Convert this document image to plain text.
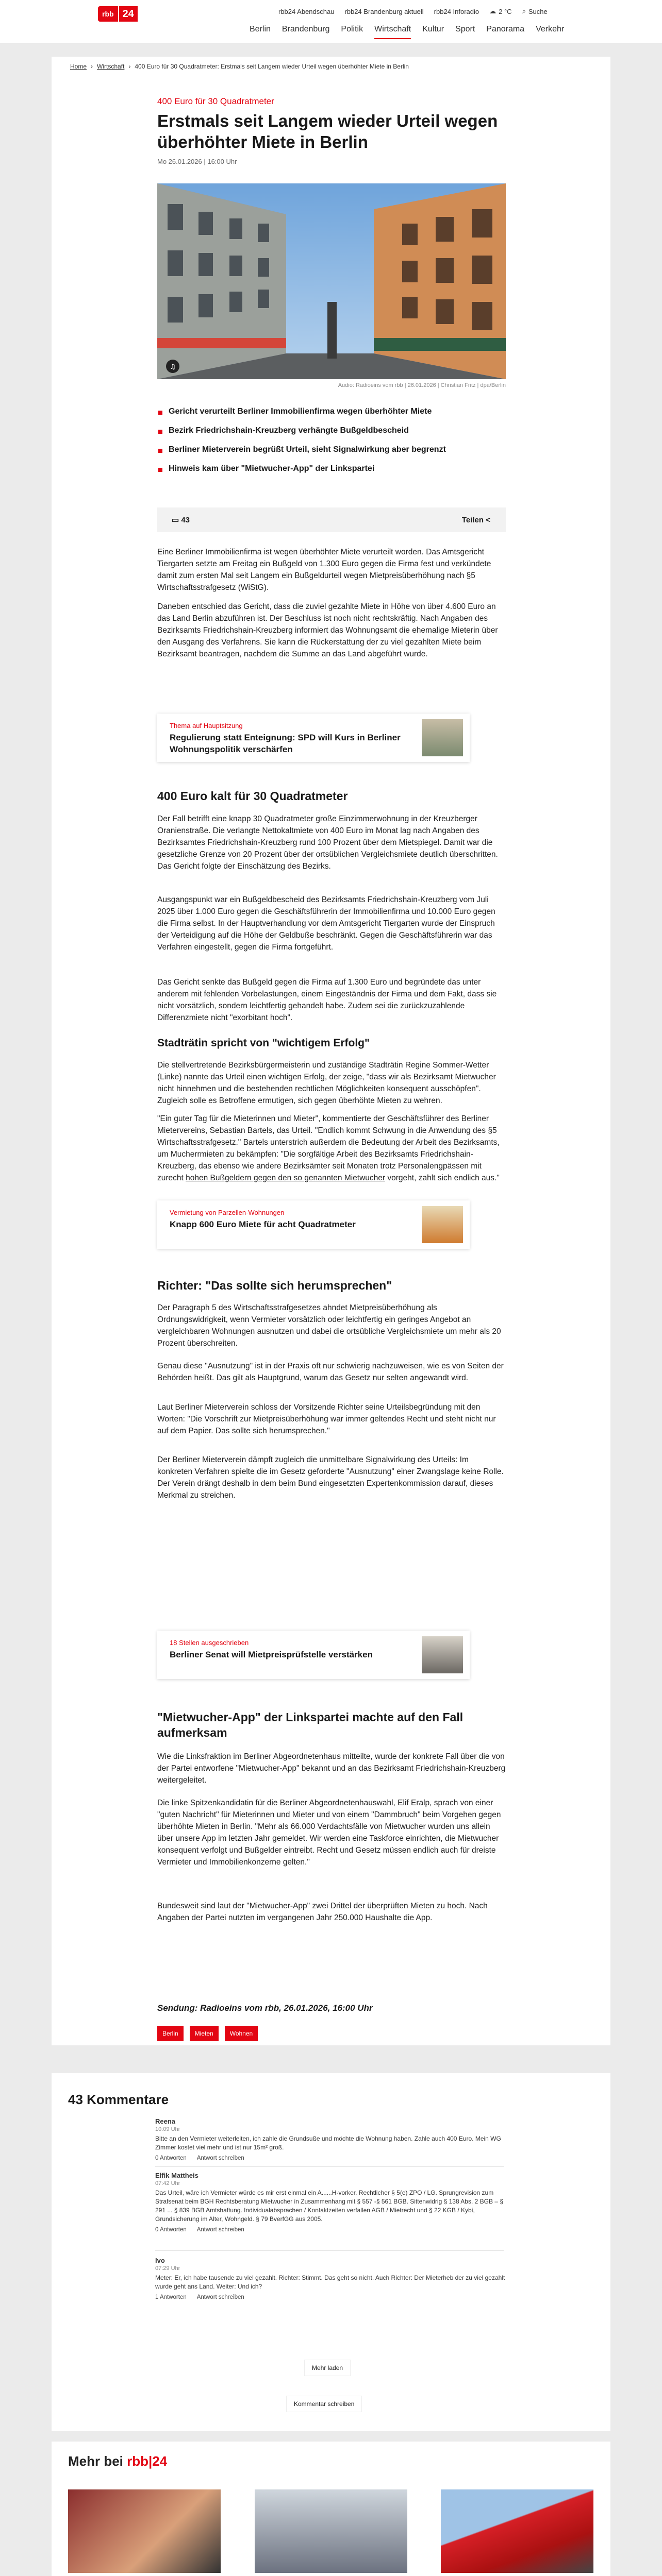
rbb 24	rbb24 Abendschau rbb24 Brandenburg aktuell rbb24 Inforadio ☁ 2 °C ⌕ Suche
Berlin Brandenburg Politik Wirtschaft Kultur Sport Panorama Verkehr
Home › Wirtschaft › 400 Euro für 30 Quadratmeter: Erstmals seit Langem wieder Urteil wegen überhöhter Miete in Berlin
400 Euro für 30 Quadratmeter
Erstmals seit Langem wieder Urteil wegen überhöhter Miete in Berlin
Mo 26.01.2026 | 16:00 Uhr
♫
Audio: Radioeins vom rbb | 26.01.2026 | Christian Fritz | dpa/Berlin
Gericht verurteilt Berliner Immobilienfirma wegen überhöhter Miete
Bezirk Friedrichshain-Kreuzberg verhängte Bußgeldbescheid
Berliner Mieterverein begrüßt Urteil, sieht Signalwirkung aber begrenzt
Hinweis kam über "Mietwucher-App" der Linkspartei
▭ 43	Teilen <

Eine Berliner Immobilienfirma ist wegen überhöhter Miete verurteilt worden. Das Amtsgericht Tiergarten setzte am Freitag ein Bußgeld von 1.300 Euro gegen die Firma fest und verkündete damit zum ersten Mal seit Langem ein Bußgeldurteil wegen Mietpreisüberhöhung nach §5 Wirtschaftsstrafgesetz (WiStG).

Daneben entschied das Gericht, dass die zuviel gezahlte Miete in Höhe von über 4.600 Euro an das Land Berlin abzuführen ist. Der Beschluss ist noch nicht rechtskräftig. Nach Angaben des Bezirksamts Friedrichshain-Kreuzberg informiert das Wohnungsamt die ehemalige Mieterin über den Ausgang des Verfahrens. Sie kann die Rückerstattung der zu viel gezahlten Miete beim Bezirksamt beantragen, nachdem die Summe an das Land abgeführt wurde.

Thema auf Hauptsitzung
Regulierung statt Enteignung: SPD will Kurs in Berliner Wohnungspolitik verschärfen
400 Euro kalt für 30 Quadratmeter

Der Fall betrifft eine knapp 30 Quadratmeter große Einzimmerwohnung in der Kreuzberger Oranienstraße. Die verlangte Nettokaltmiete von 400 Euro im Monat lag nach Angaben des Bezirksamtes Friedrichshain-Kreuzberg rund 100 Prozent über dem Mietspiegel. Damit war die gesetzliche Grenze von 20 Prozent über der ortsüblichen Vergleichsmiete deutlich überschritten. Das Gericht folgte der Einschätzung des Bezirks.

Ausgangspunkt war ein Bußgeldbescheid des Bezirksamts Friedrichshain-Kreuzberg vom Juli 2025 über 1.000 Euro gegen die Geschäftsführerin der Immobilienfirma und 10.000 Euro gegen die Firma selbst. In der Hauptverhandlung vor dem Amtsgericht Tiergarten wurde der Einspruch der Verteidigung auf die Höhe der Geldbuße beschränkt. Gegen die Geschäftsführerin war das Verfahren eingestellt, gegen die Firma fortgeführt.

Das Gericht senkte das Bußgeld gegen die Firma auf 1.300 Euro und begründete das unter anderem mit fehlenden Vorbelastungen, einem Eingeständnis der Firma und dem Fakt, dass sie nicht vorsätzlich, sondern leichtfertig gehandelt habe. Zudem sei die zurückzuzahlende Differenzmiete nicht "exorbitant hoch".

Stadträtin spricht von "wichtigem Erfolg"

Die stellvertretende Bezirksbürgermeisterin und zuständige Stadträtin Regine Sommer-Wetter (Linke) nannte das Urteil einen wichtigen Erfolg, der zeige, "dass wir als Bezirksamt Mietwucher nicht hinnehmen und die bestehenden rechtlichen Möglichkeiten konsequent ausschöpfen". Zugleich solle es Betroffene ermutigen, sich gegen überhöhte Mieten zu wehren.

"Ein guter Tag für die Mieterinnen und Mieter", kommentierte der Geschäftsführer des Berliner Mietervereins, Sebastian Bartels, das Urteil. "Endlich kommt Schwung in die Anwendung des §5 Wirtschaftsstrafgesetz." Bartels unterstrich außerdem die Bedeutung der Arbeit des Bezirksamts, um Mucherrmieten zu bekämpfen: "Die sorgfältige Arbeit des Bezirksamts Friedrichshain-Kreuzberg, das ebenso wie andere Bezirksämter seit Monaten trotz Personalengpässen mit zurecht hohen Bußgeldern gegen den so genannten Mietwucher vorgeht, zahlt sich endlich aus."

Vermietung von Parzellen-Wohnungen
Knapp 600 Euro Miete für acht Quadratmeter
Richter: "Das sollte sich herumsprechen"

Der Paragraph 5 des Wirtschaftsstrafgesetzes ahndet Mietpreisüberhöhung als Ordnungswidrigkeit, wenn Vermieter vorsätzlich oder leichtfertig ein geringes Angebot an vergleichbaren Wohnungen ausnutzen und dabei die ortsübliche Vergleichsmiete um mehr als 20 Prozent überschreiten.

Genau diese "Ausnutzung" ist in der Praxis oft nur schwierig nachzuweisen, wie es von Seiten der Behörden heißt. Das gilt als Hauptgrund, warum das Gesetz nur selten angewandt wird.

Laut Berliner Mieterverein schloss der Vorsitzende Richter seine Urteilsbegründung mit den Worten: "Die Vorschrift zur Mietpreisüberhöhung war immer geltendes Recht und steht nicht nur auf dem Papier. Das sollte sich herumsprechen."

Der Berliner Mieterverein dämpft zugleich die unmittelbare Signalwirkung des Urteils: Im konkreten Verfahren spielte die im Gesetz geforderte "Ausnutzung" einer Zwangslage keine Rolle. Der Verein drängt deshalb in dem beim Bund eingesetzten Expertenkommission darauf, dieses Merkmal zu streichen.

18 Stellen ausgeschrieben
Berliner Senat will Mietpreisprüfstelle verstärken
"Mietwucher-App" der Linkspartei machte auf den Fall aufmerksam

Wie die Linksfraktion im Berliner Abgeordnetenhaus mitteilte, wurde der konkrete Fall über die von der Partei entworfene "Mietwucher-App" bekannt und an das Bezirksamt Friedrichshain-Kreuzberg weitergeleitet.

Die linke Spitzenkandidatin für die Berliner Abgeordnetenhauswahl, Elif Eralp, sprach von einer "guten Nachricht" für Mieterinnen und Mieter und von einem "Dammbruch" beim Vorgehen gegen überhöhte Mieten in Berlin. "Mehr als 66.000 Verdachtsfälle von Mietwucher wurden uns allein über unsere App im letzten Jahr gemeldet. Wir werden eine Taskforce einrichten, die Mietwucher konsequent verfolgt und Bußgelder eintreibt. Recht und Gesetz müssen endlich auch für dreiste Vermieter und Immobilienkonzerne gelten."

Bundesweit sind laut der "Mietwucher-App" zwei Drittel der überprüften Mieten zu hoch. Nach Angaben der Partei nutzten im vergangenen Jahr 250.000 Haushalte die App.

Sendung: Radioeins vom rbb, 26.01.2026, 16:00 Uhr
Berlin	Mieten	Wohnen
43 Kommentare
Reena
10:09 Uhr
Bitte an den Vermieter weiterleiten, ich zahle die Grundsuße und möchte die Wohnung haben. Zahle auch 400 Euro. Mein WG Zimmer kostet viel mehr und ist nur 15m² groß.
0 Antworten Antwort schreiben
Elfik Mattheis
07:42 Uhr
Das Urteil, wäre ich Vermieter würde es mir erst einmal ein A......H-vorker. Rechtlicher § 5(e) ZPO / LG. Sprungrevision zum Strafsenat beim BGH Rechtsberatung Mietwucher in Zusammenhang mit § 557 -§ 561 BGB. Sittenwidrig § 138 Abs. 2 BGB – § 291 ... § 839 BGB Amtshaftung. Individualabsprachen / Kontaktzeiten verfallen AGB / Mietrecht und § 22 KGB / Kybi, Grundsicherung im Alter, Wohngeld. § 79 BverfGG aus 2005.
0 Antworten Antwort schreiben
Ivo
07:29 Uhr
Meter: Er, ich habe tausende zu viel gezahlt. Richter: Stimmt. Das geht so nicht. Auch Richter: Der Mieterheb der zu viel gezahlt wurde geht ans Land. Weiter: Und ich?
1 Antworten Antwort schreiben
Mehr laden
Kommentar schreiben
Mehr bei rbb|24
